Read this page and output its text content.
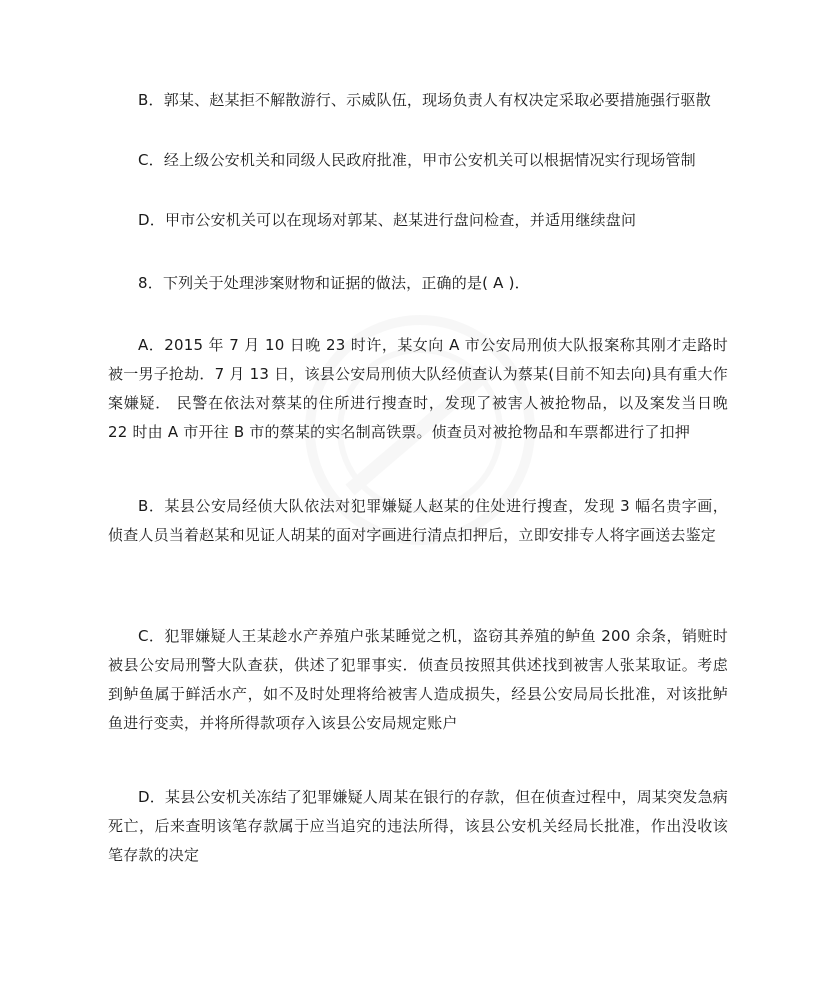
B．郭某、赵某拒不解散游行、示威队伍，现场负责人有权决定采取必要措施强行驱散

C．经上级公安机关和同级人民政府批准，甲市公安机关可以根据情况实行现场管制

D．甲市公安机关可以在现场对郭某、赵某进行盘问检查，并适用继续盘问

8．下列关于处理涉案财物和证据的做法，正确的是( A )．

A．2015 年 7 月 10 日晚 23 时许，某女向 A 市公安局刑侦大队报案称其刚才走路时被一男子抢劫．7 月 13 日，该县公安局刑侦大队经侦查认为蔡某(目前不知去向)具有重大作案嫌疑． 民警在依法对蔡某的住所进行搜查时，发现了被害人被抢物品，以及案发当日晚 22 时由 A 市开往 B 市的蔡某的实名制高铁票。侦查员对被抢物品和车票都进行了扣押

B．某县公安局经侦大队依法对犯罪嫌疑人赵某的住处进行搜查，发现 3 幅名贵字画，侦查人员当着赵某和见证人胡某的面对字画进行清点扣押后，立即安排专人将字画送去鉴定

C．犯罪嫌疑人王某趁水产养殖户张某睡觉之机，盗窃其养殖的鲈鱼 200 余条，销赃时被县公安局刑警大队查获，供述了犯罪事实．侦查员按照其供述找到被害人张某取证。考虑到鲈鱼属于鲜活水产，如不及时处理将给被害人造成损失，经县公安局局长批准，对该批鲈鱼进行变卖，并将所得款项存入该县公安局规定账户

D．某县公安机关冻结了犯罪嫌疑人周某在银行的存款，但在侦查过程中，周某突发急病死亡，后来查明该笔存款属于应当追究的违法所得，该县公安机关经局长批准，作出没收该笔存款的决定
